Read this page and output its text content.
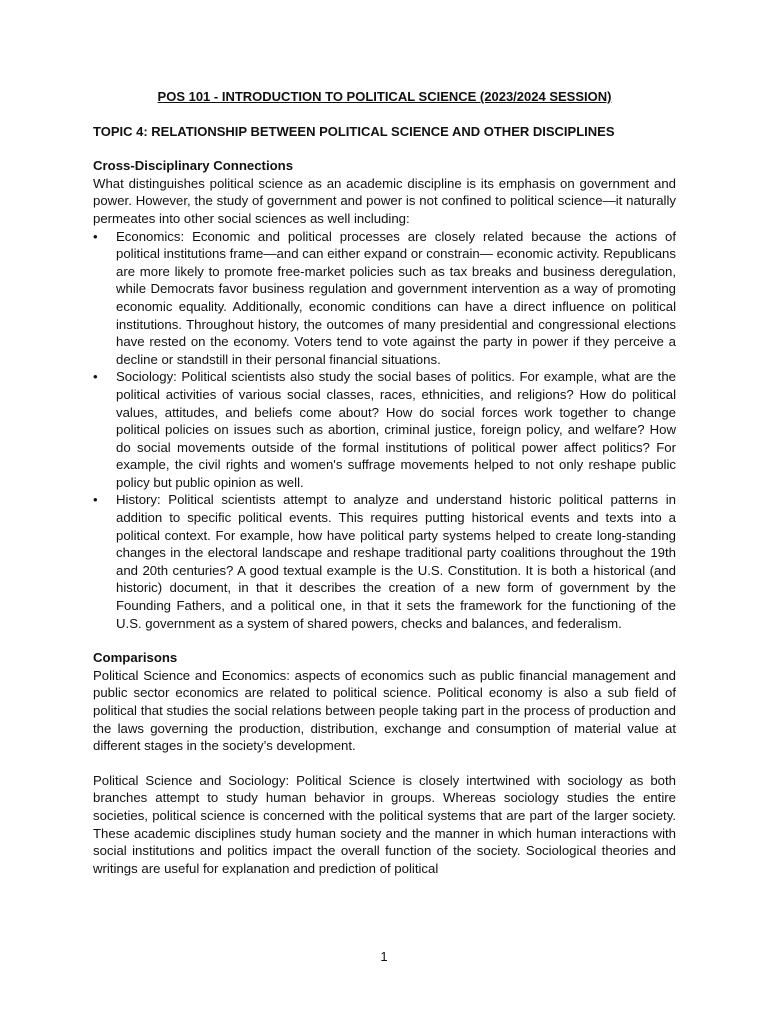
POS 101 - INTRODUCTION TO POLITICAL SCIENCE (2023/2024 SESSION)
TOPIC 4: RELATIONSHIP BETWEEN POLITICAL SCIENCE AND OTHER DISCIPLINES
Cross-Disciplinary Connections

What distinguishes political science as an academic discipline is its emphasis on government and power. However, the study of government and power is not confined to political science—it naturally permeates into other social sciences as well including:

•	Economics: Economic and political processes are closely related because the actions of political institutions frame—and can either expand or constrain— economic activity. Republicans are more likely to promote free-market policies such as tax breaks and business deregulation, while Democrats favor business regulation and government intervention as a way of promoting economic equality. Additionally, economic conditions can have a direct influence on political institutions. Throughout history, the outcomes of many presidential and congressional elections have rested on the economy. Voters tend to vote against the party in power if they perceive a decline or standstill in their personal financial situations.
•	Sociology: Political scientists also study the social bases of politics. For example, what are the political activities of various social classes, races, ethnicities, and religions? How do political values, attitudes, and beliefs come about? How do social forces work together to change political policies on issues such as abortion, criminal justice, foreign policy, and welfare? How do social movements outside of the formal institutions of political power affect politics? For example, the civil rights and women's suffrage movements helped to not only reshape public policy but public opinion as well.
•	History: Political scientists attempt to analyze and understand historic political patterns in addition to specific political events. This requires putting historical events and texts into a political context. For example, how have political party systems helped to create long-standing changes in the electoral landscape and reshape traditional party coalitions throughout the 19th and 20th centuries? A good textual example is the U.S. Constitution. It is both a historical (and historic) document, in that it describes the creation of a new form of government by the Founding Fathers, and a political one, in that it sets the framework for the functioning of the U.S. government as a system of shared powers, checks and balances, and federalism.
Comparisons

Political Science and Economics: aspects of economics such as public financial management and public sector economics are related to political science. Political economy is also a sub field of political that studies the social relations between people taking part in the process of production and the laws governing the production, distribution, exchange and consumption of material value at different stages in the society’s development.

Political Science and Sociology: Political Science is closely intertwined with sociology as both branches attempt to study human behavior in groups. Whereas sociology studies the entire societies, political science is concerned with the political systems that are part of the larger society. These academic disciplines study human society and the manner in which human interactions with social institutions and politics impact the overall function of the society. Sociological theories and writings are useful for explanation and prediction of political

1
